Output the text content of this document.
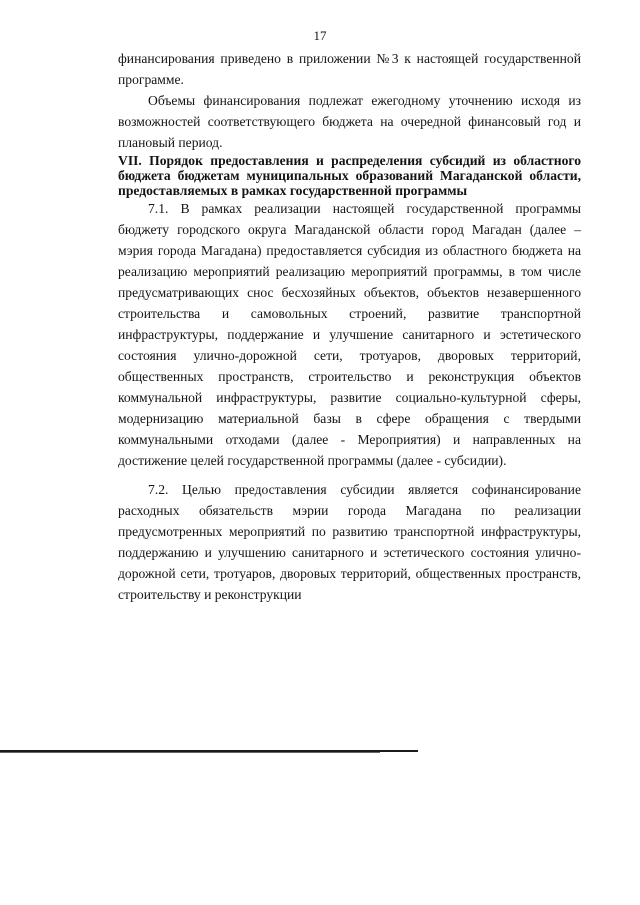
17

финансирования приведено в приложении №3 к настоящей государственной программе.

Объемы финансирования подлежат ежегодному уточнению исходя из возможностей соответствующего бюджета на очередной финансовый год и плановый период.

VII. Порядок предоставления и распределения субсидий из областного бюджета бюджетам муниципальных образований Магаданской области, предоставляемых в рамках государственной программы

7.1. В рамках реализации настоящей государственной программы бюджету городского округа Магаданской области город Магадан (далее – мэрия города Магадана) предоставляется субсидия из областного бюджета на реализацию мероприятий реализацию мероприятий программы, в том числе предусматривающих снос бесхозяйных объектов, объектов незавершенного строительства и самовольных строений, развитие транспортной инфраструктуры, поддержание и улучшение санитарного и эстетического состояния улично-дорожной сети, тротуаров, дворовых территорий, общественных пространств, строительство и реконструкция объектов коммунальной инфраструктуры, развитие социально-культурной сферы, модернизацию материальной базы в сфере обращения с твердыми коммунальными отходами (далее - Мероприятия) и направленных на достижение целей государственной программы (далее - субсидии).

7.2. Целью предоставления субсидии является софинансирование расходных обязательств мэрии города Магадана по реализации предусмотренных мероприятий по развитию транспортной инфраструктуры, поддержанию и улучшению санитарного и эстетического состояния улично-дорожной сети, тротуаров, дворовых территорий, общественных пространств, строительству и реконструкции
